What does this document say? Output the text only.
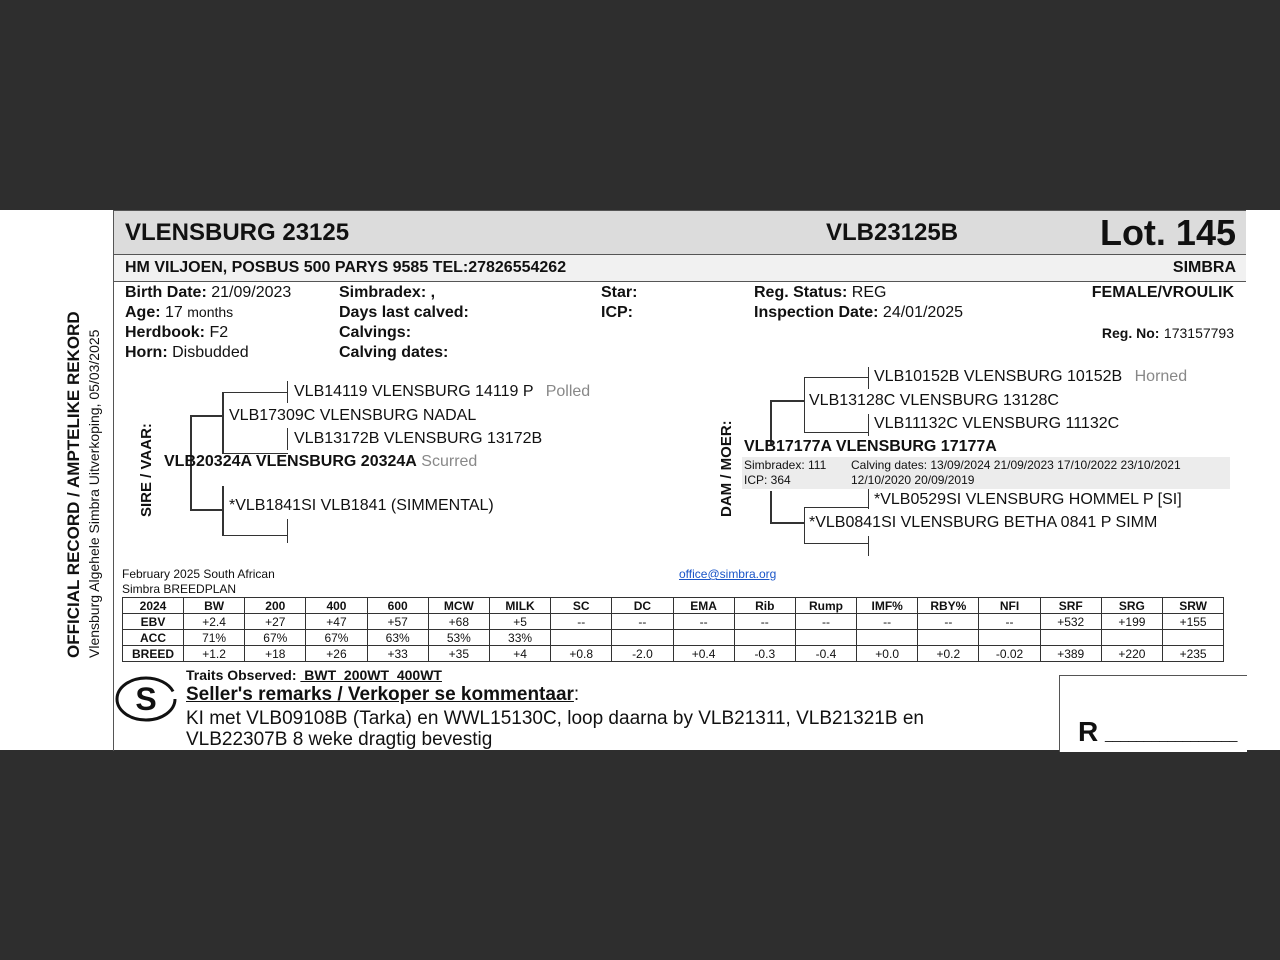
OFFICIAL RECORD / AMPTELIKE REKORD Vlensburg Algehele Simbra Uitverkoping, 05/03/2025
VLENSBURG 23125	VLB23125B	Lot. 145
HM VILJOEN, POSBUS 500 PARYS 9585 TEL:27826554262	SIMBRA
Birth Date: 21/09/2023
Age: 17 months
Herdbook: F2
Horn: Disbudded
Simbradex: ,
Days last calved:
Calvings:
Calving dates:
Star:
ICP:
Reg. Status: REG
Inspection Date: 24/01/2025
FEMALE/VROULIK
Reg. No: 173157793
SIRE / VAAR:
VLB14119 VLENSBURG 14119 P Polled
VLB17309C VLENSBURG NADAL
VLB13172B VLENSBURG 13172B
VLB20324A VLENSBURG 20324A Scurred
*VLB1841SI VLB1841 (SIMMENTAL)	DAM / MOER:
VLB10152B VLENSBURG 10152B Horned
VLB13128C VLENSBURG 13128C
VLB11132C VLENSBURG 11132C
VLB17177A VLENSBURG 17177A
Simbradex: 111
ICP: 364
Calving dates: 13/09/2024 21/09/2023 17/10/2022 23/10/2021
12/10/2020 20/09/2019
*VLB0529SI VLENSBURG HOMMEL P [SI]
*VLB0841SI VLENSBURG BETHA 0841 P SIMM
February 2025 South African
Simbra BREEDPLAN
office@simbra.org
2024	BW	200	400	600	MCW	MILK	SC	DC	EMA	Rib	Rump	IMF%	RBY%	NFI	SRF	SRG	SRW
EBV	+2.4	+27	+47	+57	+68	+5	--	--	--	--	--	--	--	--	+532	+199	+155
ACC	71%	67%	67%	63%	53%	33%											
BREED	+1.2	+18	+26	+33	+35	+4	+0.8	-2.0	+0.4	-0.3	-0.4	+0.0	+0.2	-0.02	+389	+220	+235
Traits Observed:  BWT  200WT  400WT
S Seller's remarks / Verkoper se kommentaar:
KI met VLB09108B (Tarka) en WWL15130C, loop daarna by VLB21311, VLB21321B en
VLB22307B 8 weke dragtig bevestig	R _________________
